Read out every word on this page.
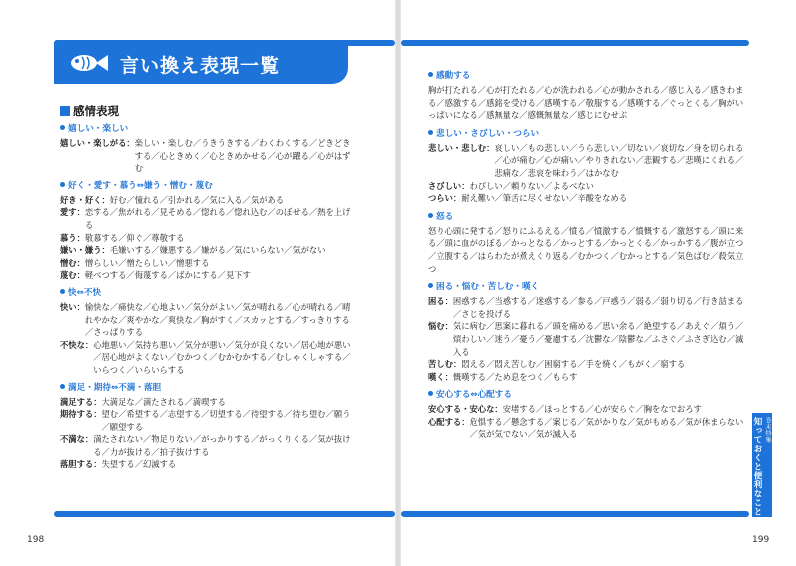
言い換え表現一覧
感情表現
嬉しい・楽しい
嬉しい・楽しがる： 楽しい・楽しむ／うきうきする／わくわくする／どきどきする／心ときめく／心ときめかせる／心が躍る／心がはずむ
好く・愛す・慕う⇔嫌う・憎む・蔑む
好き・好く： 好む／憧れる／引かれる／気に入る／気がある
愛す： 恋する／焦がれる／見そめる／惚れる／惚れ込む／のぼせる／熱を上げる
慕う： 敬慕する／仰ぐ／尊敬する
嫌い・嫌う： 毛嫌いする／嫌悪する／嫌がる／気にいらない／気がない
憎む： 憎らしい／憎たらしい／憎悪する
蔑む： 軽べつする／侮蔑する／ばかにする／見下す
快⇔不快
快い： 愉快な／痛快な／心地よい／気分がよい／気が晴れる／心が晴れる／晴れやかな／爽やかな／爽快な／胸がすく／スカッとする／すっきりする／さっぱりする
不快な： 心地悪い／気持ち悪い／気分が悪い／気分が良くない／居心地が悪い／居心地がよくない／むかつく／むかむかする／むしゃくしゃする／いらつく／いらいらする
満足・期待⇔不満・落胆
満足する： 大満足な／満たされる／満喫する
期待する： 望む／希望する／志望する／切望する／待望する／待ち望む／願う／願望する
不満な： 満たされない／物足りない／がっかりする／がっくりくる／気が抜ける／力が抜ける／拍子抜けする
落胆する： 失望する／幻滅する
感動する
胸が打たれる／心が打たれる／心が洗われる／心が動かされる／感じ入る／感きわまる／感激する／感銘を受ける／感嘆する／敬服する／感嘆する／ぐっとくる／胸がいっぱいになる／感無量な／感慨無量な／感じにむせぶ
悲しい・さびしい・つらい
悲しい・悲しむ： 哀しい／もの悲しい／うら悲しい／切ない／哀切な／身を切られる／心が痛む／心が痛い／やりきれない／悲観する／悲嘆にくれる／悲痛な／悲哀を味わう／はかなむ
さびしい： わびしい／頼りない／よるべない
つらい： 耐え難い／筆舌に尽くせない／辛酸をなめる
怒る
怒り心頭に発する／怒りにふるえる／憤る／憤激する／憤慨する／激怒する／頭に来る／頭に血がのぼる／かっとなる／かっとする／かっとくる／かっかする／腹が立つ／立腹する／はらわたが煮えくり返る／むかつく／むかっとする／気色ばむ／殺気立つ
困る・悩む・苦しむ・嘆く
困る： 困惑する／当惑する／迷惑する／参る／戸惑う／弱る／弱り切る／行き詰まる／さじを投げる
悩む： 気に病む／思案に暮れる／頭を痛める／思い余る／絶望する／あえぐ／煩う／煩わしい／迷う／憂う／憂慮する／沈鬱な／陰鬱な／ふさぐ／ふさぎ込む／滅入る
苦しむ： 悶える／悶え苦しむ／困窮する／手を焼く／もがく／窮する
嘆く： 慨嘆する／ため息をつく／もらす
安心する⇔心配する
安心する・安心な： 安堵する／ほっとする／心が安らぐ／胸をなでおろす
心配する： 危惧する／懸念する／案じる／気がかりな／気がもめる／気が休まらない／気が気でない／気が滅入る
198	199
巻末特集
知っておくと便利なこと
